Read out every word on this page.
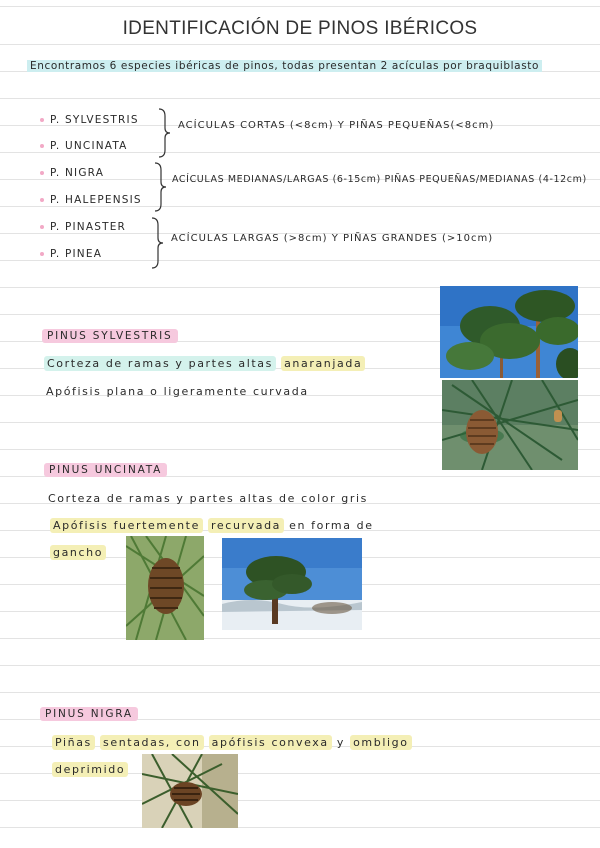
IDENTIFICACIÓN DE PINOS IBÉRICOS
Encontramos 6 especies ibéricas de pinos, todas presentan 2 acículas por braquiblasto
P. SYLVESTRIS
P. UNCINATA
P. NIGRA
P. HALEPENSIS
P. PINASTER
P. PINEA
ACÍCULAS CORTAS (<8cm) Y PIÑAS PEQUEÑAS(<8cm)
ACÍCULAS MEDIANAS/LARGAS (6-15cm) PIÑAS PEQUEÑAS/MEDIANAS (4-12cm)
ACÍCULAS LARGAS (>8cm) Y PIÑAS GRANDES (>10cm)
PINUS SYLVESTRIS
Corteza de ramas y partes altas anaranjada
Apófisis plana o ligeramente curvada
PINUS UNCINATA
Corteza de ramas y partes altas de color gris
Apófisis fuertemente recurvada en forma de
gancho
PINUS NIGRA
Piñas sentadas, con apófisis convexa y ombligo
deprimido
